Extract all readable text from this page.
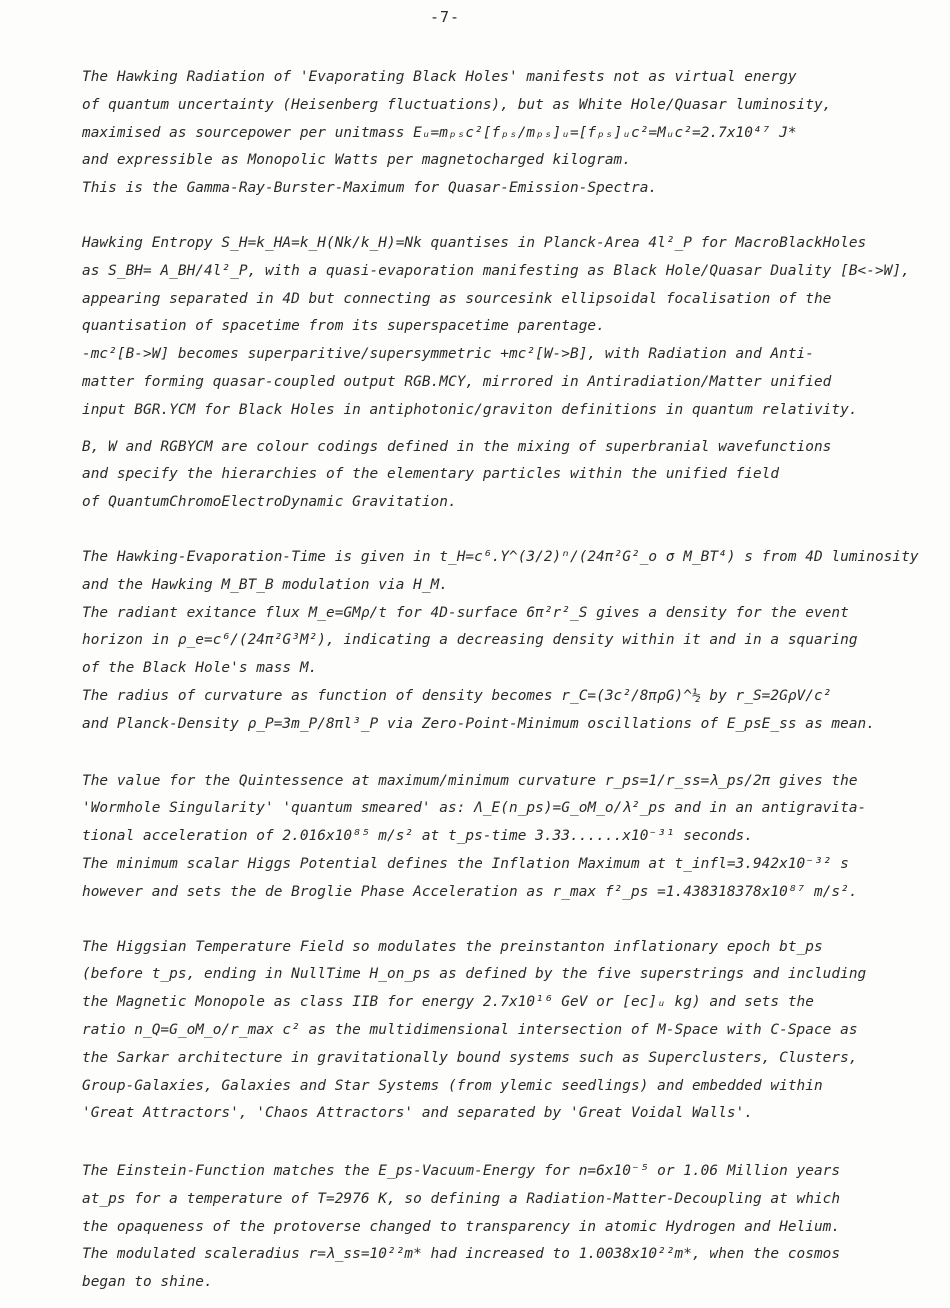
-7-
The Hawking Radiation of 'Evaporating Black Holes' manifests not as virtual energy
of quantum uncertainty (Heisenberg fluctuations), but as White Hole/Quasar luminosity,
maximised as sourcepower per unitmass Eᵤ=mₚₛc²[fₚₛ/mₚₛ]ᵤ=[fₚₛ]ᵤc²=Mᵤc²=2.7x10⁴⁷ J*
and expressible as Monopolic Watts per magnetocharged kilogram.
This is the Gamma-Ray-Burster-Maximum for Quasar-Emission-Spectra.
Hawking Entropy S_H=k_HA=k_H(Nk/k_H)=Nk quantises in Planck-Area 4l²_P for MacroBlackHoles
as S_BH= A_BH/4l²_P, with a quasi-evaporation manifesting as Black Hole/Quasar Duality [B<->W],
appearing separated in 4D but connecting as sourcesink ellipsoidal focalisation of the
quantisation of spacetime from its superspacetime parentage.
-mc²[B->W] becomes superparitive/supersymmetric +mc²[W->B], with Radiation and Anti-
matter forming quasar-coupled output RGB.MCY, mirrored in Antiradiation/Matter unified
input BGR.YCM for Black Holes in antiphotonic/graviton definitions in quantum relativity.
B, W and RGBYCM are colour codings defined in the mixing of superbranial wavefunctions
and specify the hierarchies of the elementary particles within the unified field
of QuantumChromoElectroDynamic Gravitation.
The Hawking-Evaporation-Time is given in t_H=c⁶.Y^(3/2)ⁿ/(24π²G²_o σ M_BT⁴) s from 4D luminosity
and the Hawking M_BT_B modulation via H_M.
The radiant exitance flux M_e=GMρ/t for 4D-surface 6π²r²_S gives a density for the event
horizon in ρ_e=c⁶/(24π²G³M²), indicating a decreasing density within it and in a squaring
of the Black Hole's mass M.
The radius of curvature as function of density becomes r_C=(3c²/8πρG)^½ by r_S=2GρV/c²
and Planck-Density ρ_P=3m_P/8πl³_P via Zero-Point-Minimum oscillations of E_psE_ss as mean.
The value for the Quintessence at maximum/minimum curvature r_ps=1/r_ss=λ_ps/2π gives the
'Wormhole Singularity' 'quantum smeared' as: Λ_E(n_ps)=G_oM_o/λ²_ps and in an antigravita-
tional acceleration of 2.016x10⁸⁵ m/s² at t_ps-time 3.33......x10⁻³¹ seconds.
The minimum scalar Higgs Potential defines the Inflation Maximum at t_infl=3.942x10⁻³² s
however and sets the de Broglie Phase Acceleration as r_max f²_ps =1.438318378x10⁸⁷ m/s².
The Higgsian Temperature Field so modulates the preinstanton inflationary epoch bt_ps
(before t_ps, ending in NullTime H_on_ps as defined by the five superstrings and including
the Magnetic Monopole as class IIB for energy 2.7x10¹⁶ GeV or [ec]ᵤ kg) and sets the
ratio n_Q=G_oM_o/r_max c² as the multidimensional intersection of M-Space with C-Space as
the Sarkar architecture in gravitationally bound systems such as Superclusters, Clusters,
Group-Galaxies, Galaxies and Star Systems (from ylemic seedlings) and embedded within
'Great Attractors', 'Chaos Attractors' and separated by 'Great Voidal Walls'.
The Einstein-Function matches the E_ps-Vacuum-Energy for n=6x10⁻⁵ or 1.06 Million years
at_ps for a temperature of T=2976 K, so defining a Radiation-Matter-Decoupling at which
the opaqueness of the protoverse changed to transparency in atomic Hydrogen and Helium.
The modulated scaleradius r=λ_ss=10²²m* had increased to 1.0038x10²²m*, when the cosmos
began to shine.
